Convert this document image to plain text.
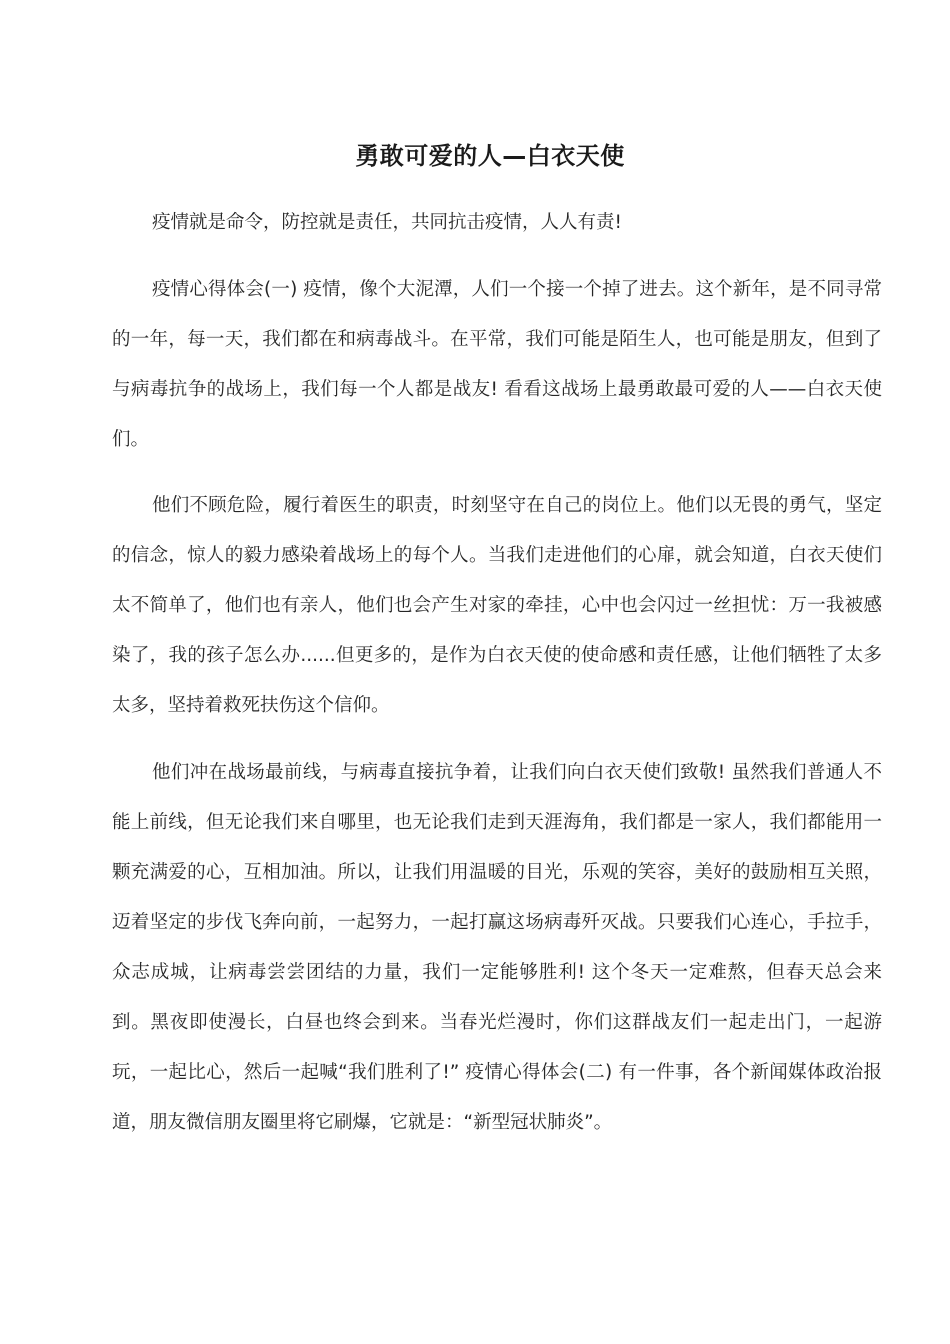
勇敢可爱的人—白衣天使

疫情就是命令，防控就是责任，共同抗击疫情，人人有责!

疫情心得体会(一) 疫情，像个大泥潭，人们一个接一个掉了进去。这个新年，是不同寻常的一年，每一天，我们都在和病毒战斗。在平常，我们可能是陌生人，也可能是朋友，但到了与病毒抗争的战场上，我们每一个人都是战友! 看看这战场上最勇敢最可爱的人——白衣天使们。

他们不顾危险，履行着医生的职责，时刻坚守在自己的岗位上。他们以无畏的勇气，坚定的信念，惊人的毅力感染着战场上的每个人。当我们走进他们的心扉，就会知道，白衣天使们太不简单了，他们也有亲人，他们也会产生对家的牵挂，心中也会闪过一丝担忧：万一我被感染了，我的孩子怎么办......但更多的，是作为白衣天使的使命感和责任感，让他们牺牲了太多太多，坚持着救死扶伤这个信仰。

他们冲在战场最前线，与病毒直接抗争着，让我们向白衣天使们致敬! 虽然我们普通人不能上前线，但无论我们来自哪里，也无论我们走到天涯海角，我们都是一家人，我们都能用一颗充满爱的心，互相加油。所以，让我们用温暖的目光，乐观的笑容，美好的鼓励相互关照，迈着坚定的步伐飞奔向前，一起努力，一起打赢这场病毒歼灭战。只要我们心连心，手拉手，众志成城，让病毒尝尝团结的力量，我们一定能够胜利! 这个冬天一定难熬，但春天总会来到。黑夜即使漫长，白昼也终会到来。当春光烂漫时，你们这群战友们一起走出门，一起游玩，一起比心，然后一起喊“我们胜利了!” 疫情心得体会(二) 有一件事，各个新闻媒体政治报道，朋友微信朋友圈里将它刷爆，它就是：“新型冠状肺炎”。
